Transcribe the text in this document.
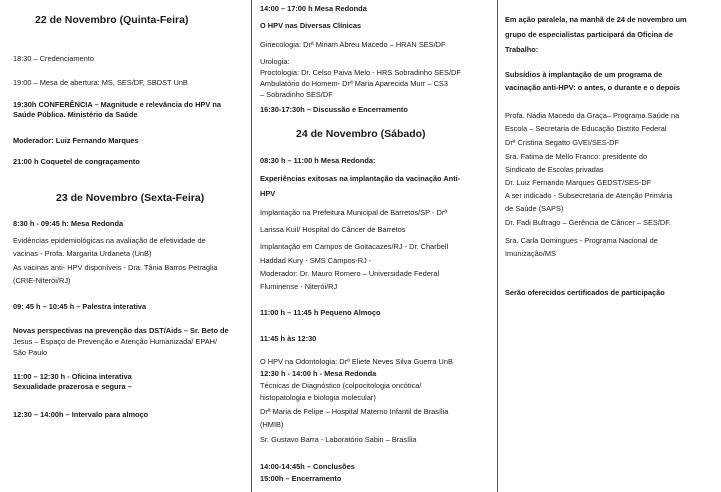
22 de Novembro (Quinta-Feira)
18:30 – Credenciamento
19:00 – Mesa de abertura: MS, SES/DF, SBDST UnB
19:30h CONFERÊNCIA – Magnitude e relevância do HPV na
Saúde Pública. Ministério da Saúde
Moderador: Luiz Fernando Marques
21:00 h Coquetel de congraçamento
23 de Novembro (Sexta-Feira)
8:30 h - 09:45 h: Mesa Redonda
Evidências epidemiológicas na avaliação de efetividade de
vacinas - Profa. Margarita Urdaneta (UnB)
As vacinas anti- HPV disponíveis - Dra. Tânia Barros Petraglia
(CRIE-Niterói/RJ)
09: 45 h – 10:45 h – Palestra interativa
Novas perspectivas na prevenção das DST/Aids – Sr. Beto de
Jesus – Espaço de Prevenção e Atenção Humanizada/ EPAH/
São Paulo
11:00 – 12:30 h - Oficina interativa
Sexualidade prazerosa e segura –
12:30 – 14:00h – Intervalo para almoço
14:00 – 17:00 h Mesa Redonda
O HPV nas Diversas Clínicas
Ginecologia: Drª Miriam Abreu Macedo – HRAN SES/DF
Urologia:
Proctologia: Dr. Celso Paiva Melo - HRS Sobradinho SES/DF
Ambulatório do Homem- Drª Maria Aparecida Murr – CS3
– Sobradinho SES/DF
16:30-17:30h – Discussão e Encerramento
24 de Novembro (Sábado)
08:30 h – 11:00 h Mesa Redonda:
Experiências exitosas na implantação da vacinação Anti-
HPV
Implantação na Prefeitura Municipal de Barretos/SP - Drª
Larissa Kuil/ Hospital do Câncer de Barretos
Implantação em Campos de Goitacazes/RJ - Dr. Charbell
Haddad Kury - SMS Campos-RJ -
Moderador: Dr. Mauro Romero – Universidade Federal
Fluminense - Niterói/RJ
11:00 h – 11:45 h Pequeno Almoço
11:45 h às 12:30
O HPV na Odontologia: Drª Eliete Neves Silva Guerra UnB
12:30 h - 14:00 h - Mesa Redonda
Técnicas de Diagnóstico (colpocitologia oncótica/
histopatologia e biologia molecular)
Drª Maria de Felipe – Hospital Materno Infantil de Brasília
(HMIB)
Sr. Gustavo Barra - Laboratório Sabin – Brasília
14:00-14:45h – Conclusões
15:00h – Encerramento
Em ação paralela, na manhã de 24 de novembro um
grupo de especialistas participará da Oficina de
Trabalho:
Subsídios à implantação de um programa de
vacinação anti-HPV: o antes, o durante e o depois
Profa. Nádia Macedo da Graça– Programa Saúde na
Escola – Secretaria de Educação Distrito Federal
Drª Cristina Segatto GVEI/SES-DF
Sra. Fatima de Mello Franco: presidente do
Sindicato de Escolas privadas
Dr. Luiz Fernando Marques GEDST/SES-DF
A ser indicado - Subsecretaria de Atenção Primária
de Saúde (SAPS)
Dr. Fadi Bultrago – Gerência de Câncer – SES/DF.
Sra. Carla Domingues - Programa Nacional de
Imunização/MS
Serão oferecidos certificados de participação
